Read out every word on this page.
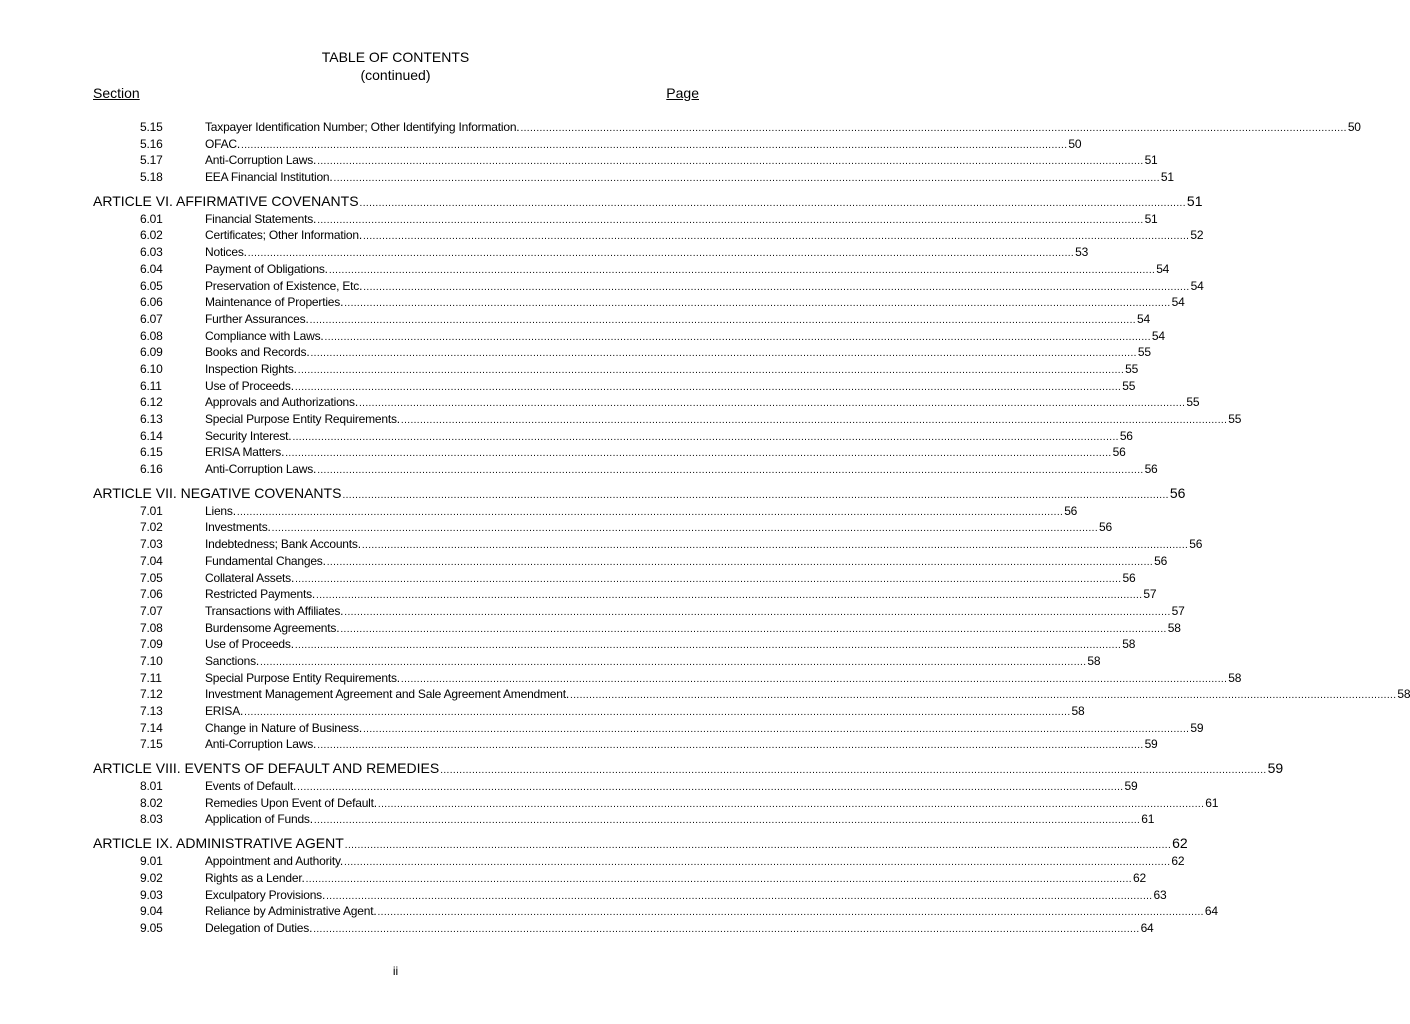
TABLE OF CONTENTS
(continued)
Section	Page
5.15	Taxpayer Identification Number; Other Identifying Information. .................................................................................................................................................................................................................................................................... 50
5.16	OFAC. .................................................................................................................................................................................................................................................................... 50
5.17	Anti-Corruption Laws. .................................................................................................................................................................................................................................................................... 51
5.18	EEA Financial Institution. .................................................................................................................................................................................................................................................................... 51
ARTICLE VI. AFFIRMATIVE COVENANTS .................................................................................................................................................................................................................................................................... 51
6.01	Financial Statements. .................................................................................................................................................................................................................................................................... 51
6.02	Certificates; Other Information. .................................................................................................................................................................................................................................................................... 52
6.03	Notices. .................................................................................................................................................................................................................................................................... 53
6.04	Payment of Obligations. .................................................................................................................................................................................................................................................................... 54
6.05	Preservation of Existence, Etc. .................................................................................................................................................................................................................................................................... 54
6.06	Maintenance of Properties. .................................................................................................................................................................................................................................................................... 54
6.07	Further Assurances. .................................................................................................................................................................................................................................................................... 54
6.08	Compliance with Laws. .................................................................................................................................................................................................................................................................... 54
6.09	Books and Records. .................................................................................................................................................................................................................................................................... 55
6.10	Inspection Rights. .................................................................................................................................................................................................................................................................... 55
6.11	Use of Proceeds. .................................................................................................................................................................................................................................................................... 55
6.12	Approvals and Authorizations. .................................................................................................................................................................................................................................................................... 55
6.13	Special Purpose Entity Requirements. .................................................................................................................................................................................................................................................................... 55
6.14	Security Interest. .................................................................................................................................................................................................................................................................... 56
6.15	ERISA Matters. .................................................................................................................................................................................................................................................................... 56
6.16	Anti-Corruption Laws. .................................................................................................................................................................................................................................................................... 56
ARTICLE VII. NEGATIVE COVENANTS .................................................................................................................................................................................................................................................................... 56
7.01	Liens. .................................................................................................................................................................................................................................................................... 56
7.02	Investments. .................................................................................................................................................................................................................................................................... 56
7.03	Indebtedness; Bank Accounts. .................................................................................................................................................................................................................................................................... 56
7.04	Fundamental Changes. .................................................................................................................................................................................................................................................................... 56
7.05	Collateral Assets. .................................................................................................................................................................................................................................................................... 56
7.06	Restricted Payments. .................................................................................................................................................................................................................................................................... 57
7.07	Transactions with Affiliates. .................................................................................................................................................................................................................................................................... 57
7.08	Burdensome Agreements. .................................................................................................................................................................................................................................................................... 58
7.09	Use of Proceeds. .................................................................................................................................................................................................................................................................... 58
7.10	Sanctions. .................................................................................................................................................................................................................................................................... 58
7.11	Special Purpose Entity Requirements. .................................................................................................................................................................................................................................................................... 58
7.12	Investment Management Agreement and Sale Agreement Amendment. .................................................................................................................................................................................................................................................................... 58
7.13	ERISA. .................................................................................................................................................................................................................................................................... 58
7.14	Change in Nature of Business. .................................................................................................................................................................................................................................................................... 59
7.15	Anti-Corruption Laws. .................................................................................................................................................................................................................................................................... 59
ARTICLE VIII. EVENTS OF DEFAULT AND REMEDIES .................................................................................................................................................................................................................................................................... 59
8.01	Events of Default. .................................................................................................................................................................................................................................................................... 59
8.02	Remedies Upon Event of Default. .................................................................................................................................................................................................................................................................... 61
8.03	Application of Funds. .................................................................................................................................................................................................................................................................... 61
ARTICLE IX. ADMINISTRATIVE AGENT .................................................................................................................................................................................................................................................................... 62
9.01	Appointment and Authority. .................................................................................................................................................................................................................................................................... 62
9.02	Rights as a Lender. .................................................................................................................................................................................................................................................................... 62
9.03	Exculpatory Provisions. .................................................................................................................................................................................................................................................................... 63
9.04	Reliance by Administrative Agent. .................................................................................................................................................................................................................................................................... 64
9.05	Delegation of Duties. .................................................................................................................................................................................................................................................................... 64
ii
